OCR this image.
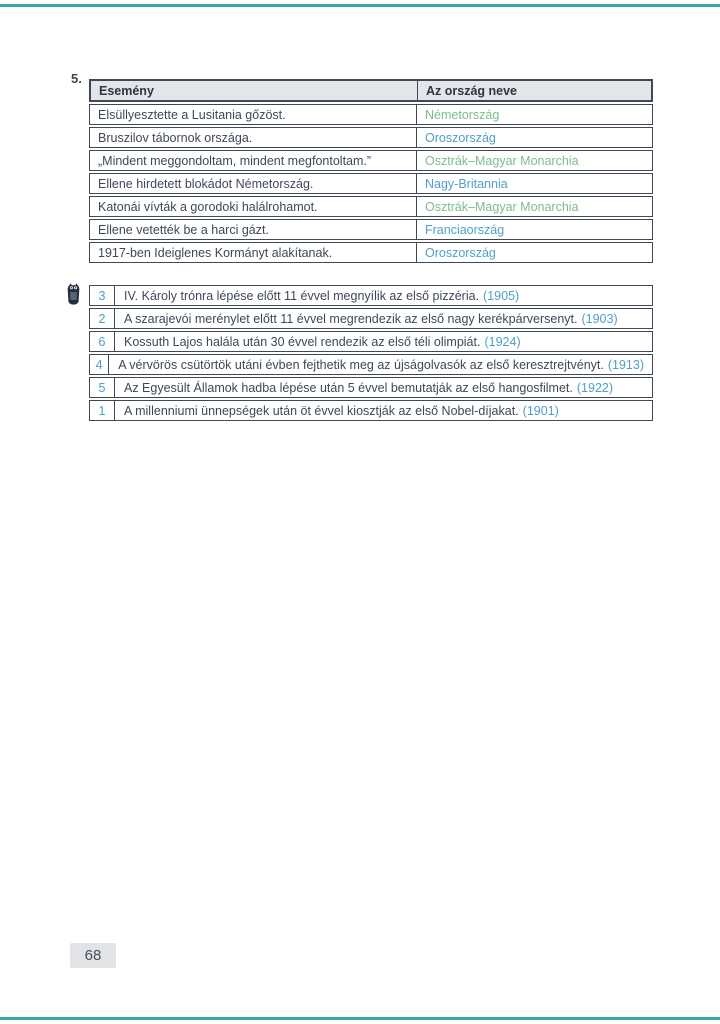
5.
Esemény	Az ország neve
Elsüllyesztette a Lusitania gőzöst.	Németország
Bruszilov tábornok országa.	Oroszország
„Mindent meggondoltam, mindent megfontoltam.”	Osztrák–Magyar Monarchia
Ellene hirdetett blokádot Németország.	Nagy-Britannia
Katonái vívták a gorodoki halálrohamot.	Osztrák–Magyar Monarchia
Ellene vetették be a harci gázt.	Franciaország
1917-ben Ideiglenes Kormányt alakítanak.	Oroszország
3	IV. Károly trónra lépése előtt 11 évvel megnyílik az első pizzéria. (1905)
2	A szarajevói merénylet előtt 11 évvel megrendezik az első nagy kerékpárversenyt. (1903)
6	Kossuth Lajos halála után 30 évvel rendezik az első téli olimpiát. (1924)
4	A vérvörös csütörtök utáni évben fejthetik meg az újságolvasók az első keresztrejtvényt. (1913)
5	Az Egyesült Államok hadba lépése után 5 évvel bemutatják az első hangosfilmet. (1922)
1	A millenniumi ünnepségek után öt évvel kiosztják az első Nobel-díjakat. (1901)
68
